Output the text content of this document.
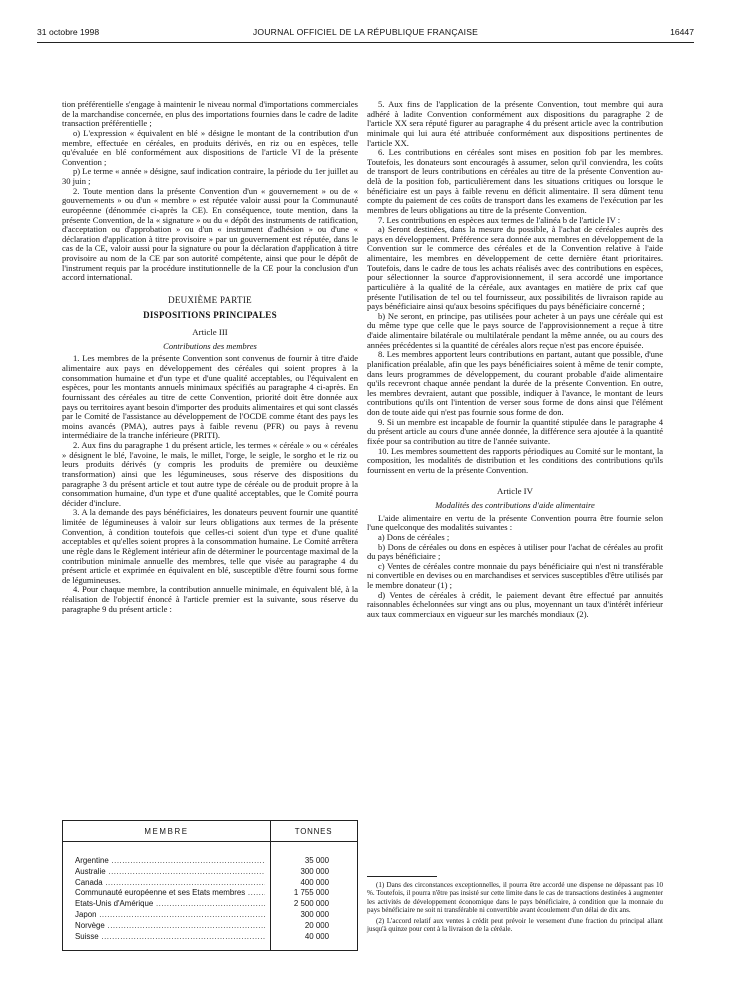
31 octobre 1998	JOURNAL OFFICIEL DE LA RÉPUBLIQUE FRANÇAISE	16447

tion préférentielle s'engage à maintenir le niveau normal d'importations commerciales de la marchandise concernée, en plus des importations fournies dans le cadre de ladite transaction préférentielle ;

o) L'expression « équivalent en blé » désigne le montant de la contribution d'un membre, effectuée en céréales, en produits dérivés, en riz ou en espèces, telle qu'évaluée en blé conformément aux dispositions de l'article VI de la présente Convention ;

p) Le terme « année » désigne, sauf indication contraire, la période du 1er juillet au 30 juin ;

2. Toute mention dans la présente Convention d'un « gouvernement » ou de « gouvernements » ou d'un « membre » est réputée valoir aussi pour la Communauté européenne (dénommée ci-après la CE). En conséquence, toute mention, dans la présente Convention, de la « signature » ou du « dépôt des instruments de ratification, d'acceptation ou d'approbation » ou d'un « instrument d'adhésion » ou d'une « déclaration d'application à titre provisoire » par un gouvernement est réputée, dans le cas de la CE, valoir aussi pour la signature ou pour la déclaration d'application à titre provisoire au nom de la CE par son autorité compétente, ainsi que pour le dépôt de l'instrument requis par la procédure institutionnelle de la CE pour la conclusion d'un accord international.

DEUXIÈME PARTIE

DISPOSITIONS PRINCIPALES

Article III

Contributions des membres

1. Les membres de la présente Convention sont convenus de fournir à titre d'aide alimentaire aux pays en développement des céréales qui soient propres à la consommation humaine et d'un type et d'une qualité acceptables, ou l'équivalent en espèces, pour les montants annuels minimaux spécifiés au paragraphe 4 ci-après. En fournissant des céréales au titre de cette Convention, priorité doit être donnée aux pays ou territoires ayant besoin d'importer des produits alimentaires et qui sont classés par le Comité de l'assistance au développement de l'OCDE comme étant des pays les moins avancés (PMA), autres pays à faible revenu (PFR) ou pays à revenu intermédiaire de la tranche inférieure (PRITI).

2. Aux fins du paragraphe 1 du présent article, les termes « céréale » ou « céréales » désignent le blé, l'avoine, le maïs, le millet, l'orge, le seigle, le sorgho et le riz ou leurs produits dérivés (y compris les produits de première ou deuxième transformation) ainsi que les légumineuses, sous réserve des dispositions du paragraphe 3 du présent article et tout autre type de céréale ou de produit propre à la consommation humaine, d'un type et d'une qualité acceptables, que le Comité pourra décider d'inclure.

3. A la demande des pays bénéficiaires, les donateurs peuvent fournir une quantité limitée de légumineuses à valoir sur leurs obligations aux termes de la présente Convention, à condition toutefois que celles-ci soient d'un type et d'une qualité acceptables et qu'elles soient propres à la consommation humaine. Le Comité arrêtera une règle dans le Règlement intérieur afin de déterminer le pourcentage maximal de la contribution minimale annuelle des membres, telle que visée au paragraphe 4 du présent article et exprimée en équivalent en blé, susceptible d'être fourni sous forme de légumineuses.

4. Pour chaque membre, la contribution annuelle minimale, en équivalent blé, à la réalisation de l'objectif énoncé à l'article premier est la suivante, sous réserve du paragraphe 9 du présent article :

MEMBRE	TONNES
Argentine .....	35 000
Australie .....	300 000
Canada .....	400 000
Communauté européenne et ses Etats membres .....	1 755 000
Etats-Unis d'Amérique .....	2 500 000
Japon .....	300 000
Norvège .....	20 000
Suisse .....	40 000

5. Aux fins de l'application de la présente Convention, tout membre qui aura adhéré à ladite Convention conformément aux dispositions du paragraphe 2 de l'article XX sera réputé figurer au paragraphe 4 du présent article avec la contribution minimale qui lui aura été attribuée conformément aux dispositions pertinentes de l'article XX.

6. Les contributions en céréales sont mises en position fob par les membres. Toutefois, les donateurs sont encouragés à assumer, selon qu'il conviendra, les coûts de transport de leurs contributions en céréales au titre de la présente Convention au-delà de la position fob, particulièrement dans les situations critiques ou lorsque le bénéficiaire est un pays à faible revenu en déficit alimentaire. Il sera dûment tenu compte du paiement de ces coûts de transport dans les examens de l'exécution par les membres de leurs obligations au titre de la présente Convention.

7. Les contributions en espèces aux termes de l'alinéa b de l'article IV :

a) Seront destinées, dans la mesure du possible, à l'achat de céréales auprès des pays en développement. Préférence sera donnée aux membres en développement de la Convention sur le commerce des céréales et de la Convention relative à l'aide alimentaire, les membres en développement de cette dernière étant prioritaires. Toutefois, dans le cadre de tous les achats réalisés avec des contributions en espèces, pour sélectionner la source d'approvisionnement, il sera accordé une importance particulière à la qualité de la céréale, aux avantages en matière de prix caf que présente l'utilisation de tel ou tel fournisseur, aux possibilités de livraison rapide au pays bénéficiaire ainsi qu'aux besoins spécifiques du pays bénéficiaire concerné ;

b) Ne seront, en principe, pas utilisées pour acheter à un pays une céréale qui est du même type que celle que le pays source de l'approvisionnement a reçue à titre d'aide alimentaire bilatérale ou multilatérale pendant la même année, ou au cours des années précédentes si la quantité de céréales alors reçue n'est pas encore épuisée.

8. Les membres apportent leurs contributions en partant, autant que possible, d'une planification préalable, afin que les pays bénéficiaires soient à même de tenir compte, dans leurs programmes de développement, du courant probable d'aide alimentaire qu'ils recevront chaque année pendant la durée de la présente Convention. En outre, les membres devraient, autant que possible, indiquer à l'avance, le montant de leurs contributions qu'ils ont l'intention de verser sous forme de dons ainsi que l'élément don de toute aide qui n'est pas fournie sous forme de don.

9. Si un membre est incapable de fournir la quantité stipulée dans le paragraphe 4 du présent article au cours d'une année donnée, la différence sera ajoutée à la quantité fixée pour sa contribution au titre de l'année suivante.

10. Les membres soumettent des rapports périodiques au Comité sur le montant, la composition, les modalités de distribution et les conditions des contributions qu'ils fournissent en vertu de la présente Convention.

Article IV

Modalités des contributions d'aide alimentaire

L'aide alimentaire en vertu de la présente Convention pourra être fournie selon l'une quelconque des modalités suivantes :

a) Dons de céréales ;

b) Dons de céréales ou dons en espèces à utiliser pour l'achat de céréales au profit du pays bénéficiaire ;

c) Ventes de céréales contre monnaie du pays bénéficiaire qui n'est ni transférable ni convertible en devises ou en marchandises et services susceptibles d'être utilisés par le membre donateur (1) ;

d) Ventes de céréales à crédit, le paiement devant être effectué par annuités raisonnables échelonnées sur vingt ans ou plus, moyennant un taux d'intérêt inférieur aux taux commerciaux en vigueur sur les marchés mondiaux (2).

(1) Dans des circonstances exceptionnelles, il pourra être accordé une dispense ne dépassant pas 10 %. Toutefois, il pourra n'être pas insisté sur cette limite dans le cas de transactions destinées à augmenter les activités de développement économique dans le pays bénéficiaire, à condition que la monnaie du pays bénéficiaire ne soit ni transférable ni convertible avant écoulement d'un délai de dix ans.

(2) L'accord relatif aux ventes à crédit peut prévoir le versement d'une fraction du principal allant jusqu'à quinze pour cent à la livraison de la céréale.
